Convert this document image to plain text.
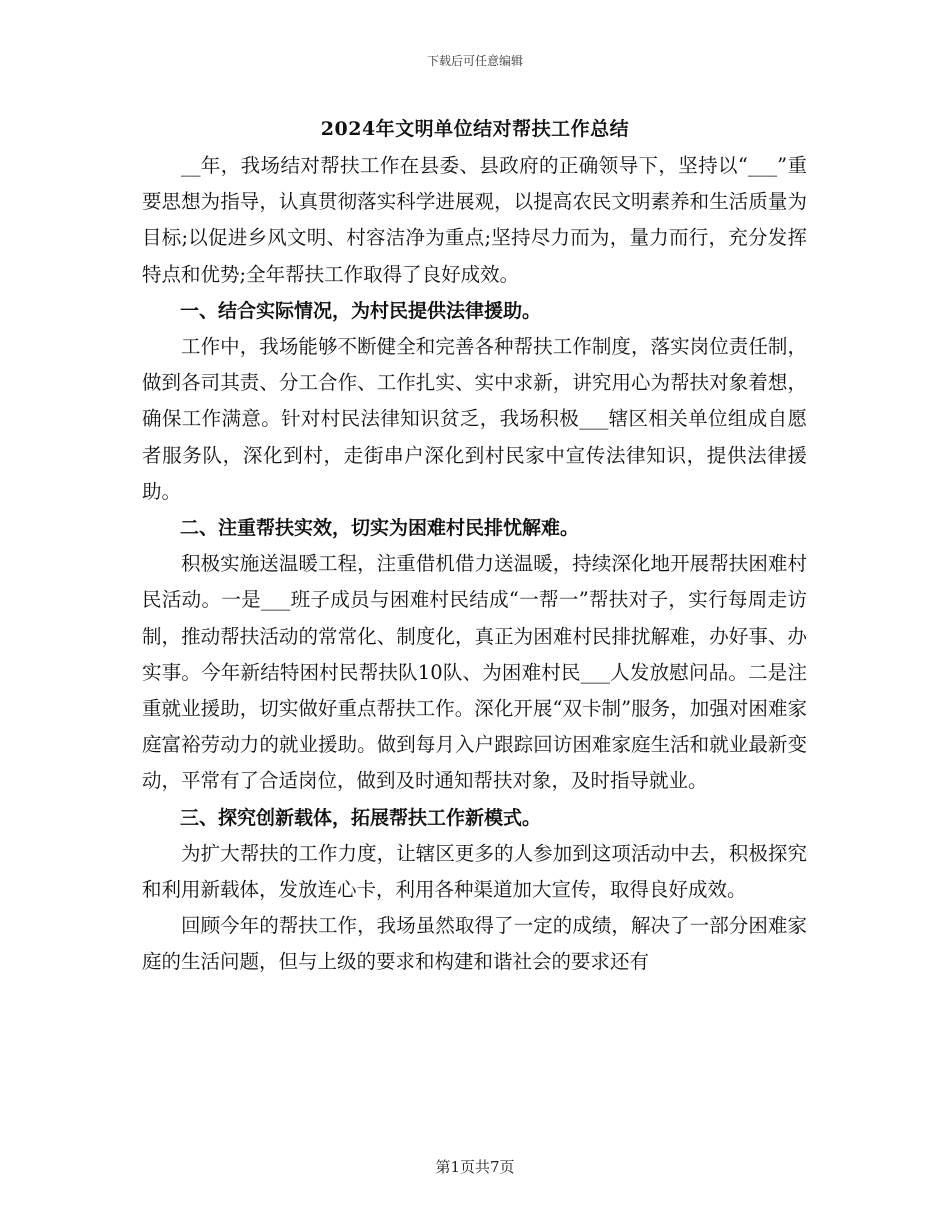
下载后可任意编辑
2024年文明单位结对帮扶工作总结

__年，我场结对帮扶工作在县委、县政府的正确领导下，坚持以“___”重要思想为指导，认真贯彻落实科学进展观，以提高农民文明素养和生活质量为目标;以促进乡风文明、村容洁净为重点;坚持尽力而为，量力而行，充分发挥特点和优势;全年帮扶工作取得了良好成效。

一、结合实际情况，为村民提供法律援助。

工作中，我场能够不断健全和完善各种帮扶工作制度，落实岗位责任制，做到各司其责、分工合作、工作扎实、实中求新，讲究用心为帮扶对象着想，确保工作满意。针对村民法律知识贫乏，我场积极___辖区相关单位组成自愿者服务队，深化到村，走街串户深化到村民家中宣传法律知识，提供法律援助。

二、注重帮扶实效，切实为困难村民排忧解难。

积极实施送温暖工程，注重借机借力送温暖，持续深化地开展帮扶困难村民活动。一是___班子成员与困难村民结成“一帮一”帮扶对子，实行每周走访制，推动帮扶活动的常常化、制度化，真正为困难村民排扰解难，办好事、办实事。今年新结特困村民帮扶队10队、为困难村民___人发放慰问品。二是注重就业援助，切实做好重点帮扶工作。深化开展“双卡制”服务，加强对困难家庭富裕劳动力的就业援助。做到每月入户跟踪回访困难家庭生活和就业最新变动，平常有了合适岗位，做到及时通知帮扶对象，及时指导就业。

三、探究创新载体，拓展帮扶工作新模式。

为扩大帮扶的工作力度，让辖区更多的人参加到这项活动中去，积极探究和利用新载体，发放连心卡，利用各种渠道加大宣传，取得良好成效。

回顾今年的帮扶工作，我场虽然取得了一定的成绩，解决了一部分困难家庭的生活问题，但与上级的要求和构建和谐社会的要求还有

第1页共7页
